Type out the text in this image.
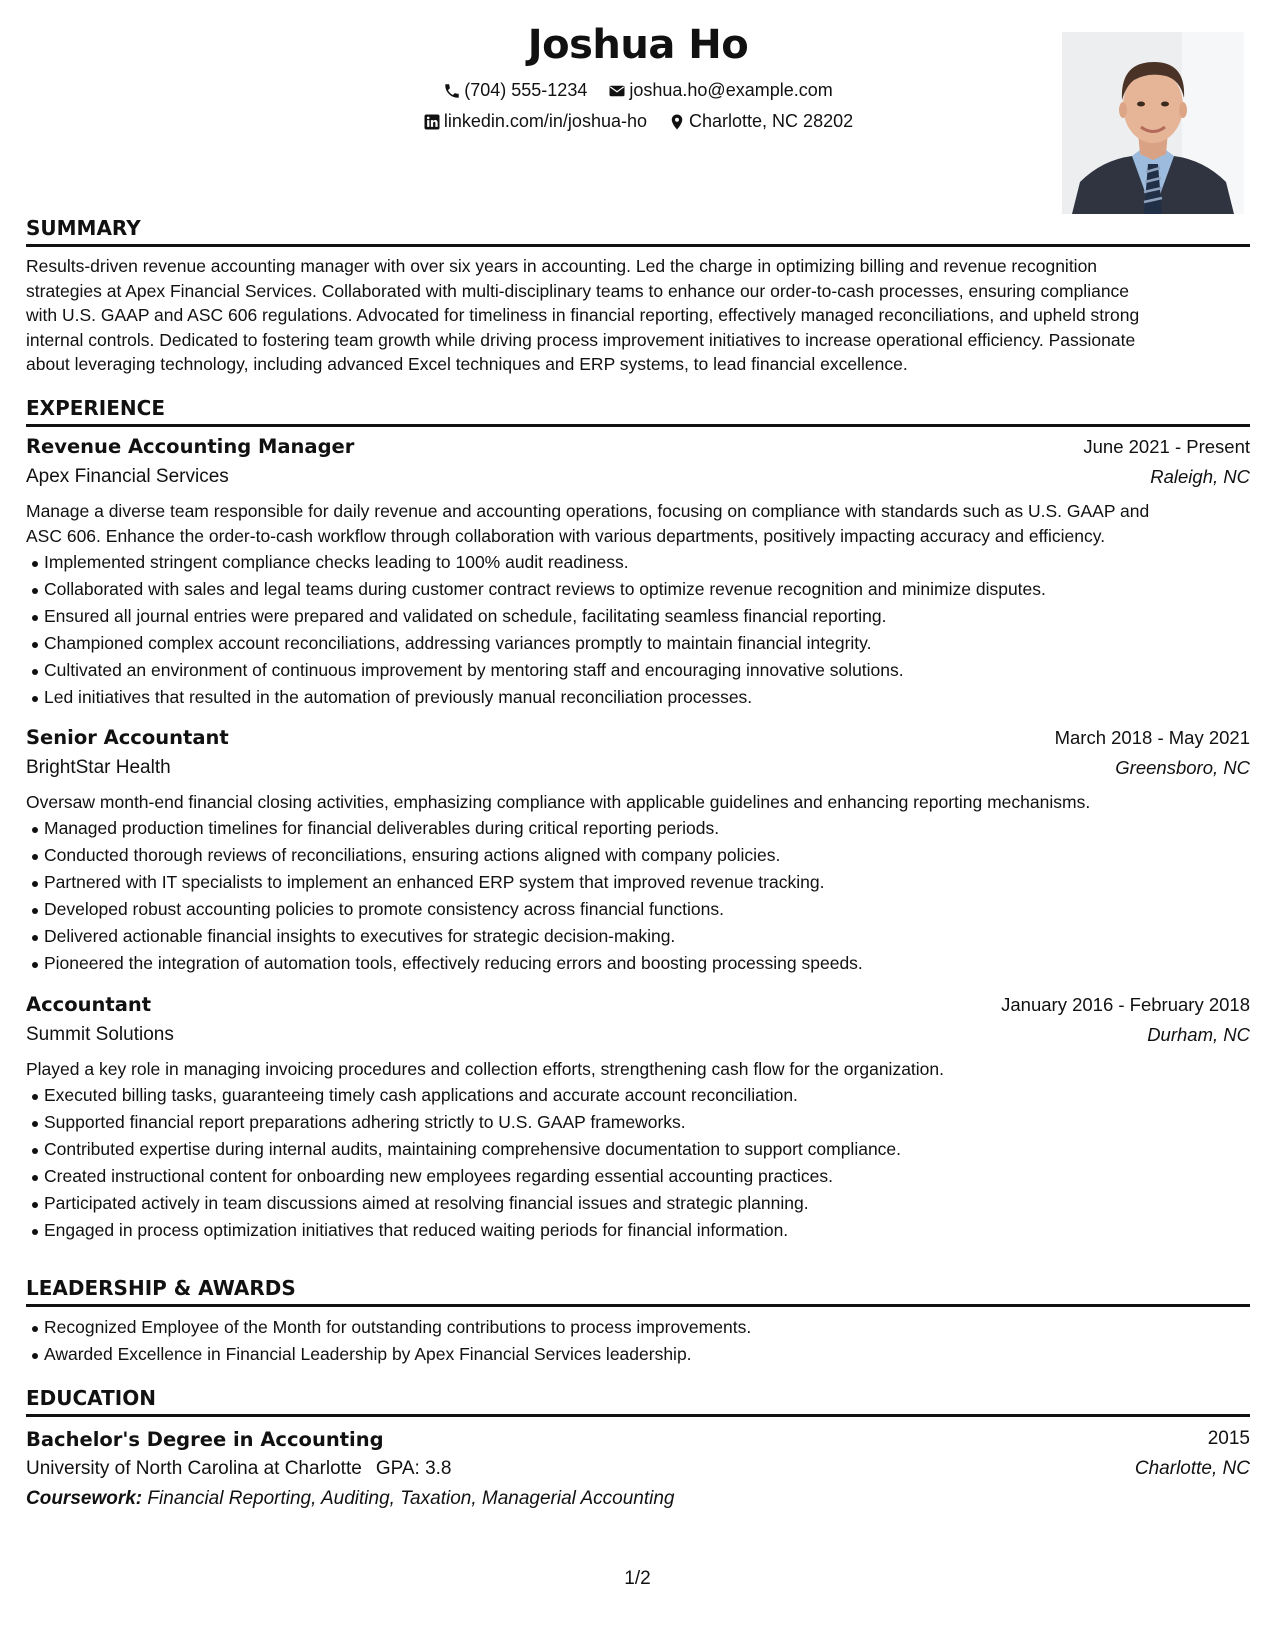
Joshua Ho
(704) 555-1234
joshua.ho@example.com
linkedin.com/in/joshua-ho
Charlotte, NC 28202
SUMMARY
Results-driven revenue accounting manager with over six years in accounting. Led the charge in optimizing billing and revenue recognition
strategies at Apex Financial Services. Collaborated with multi-disciplinary teams to enhance our order-to-cash processes, ensuring compliance
with U.S. GAAP and ASC 606 regulations. Advocated for timeliness in financial reporting, effectively managed reconciliations, and upheld strong
internal controls. Dedicated to fostering team growth while driving process improvement initiatives to increase operational efficiency. Passionate
about leveraging technology, including advanced Excel techniques and ERP systems, to lead financial excellence.
EXPERIENCE
Revenue Accounting Manager	June 2021 - Present
Apex Financial Services	Raleigh, NC
Manage a diverse team responsible for daily revenue and accounting operations, focusing on compliance with standards such as U.S. GAAP and
ASC 606. Enhance the order-to-cash workflow through collaboration with various departments, positively impacting accuracy and efficiency.
Implemented stringent compliance checks leading to 100% audit readiness.
Collaborated with sales and legal teams during customer contract reviews to optimize revenue recognition and minimize disputes.
Ensured all journal entries were prepared and validated on schedule, facilitating seamless financial reporting.
Championed complex account reconciliations, addressing variances promptly to maintain financial integrity.
Cultivated an environment of continuous improvement by mentoring staff and encouraging innovative solutions.
Led initiatives that resulted in the automation of previously manual reconciliation processes.
Senior Accountant	March 2018 - May 2021
BrightStar Health	Greensboro, NC
Oversaw month-end financial closing activities, emphasizing compliance with applicable guidelines and enhancing reporting mechanisms.
Managed production timelines for financial deliverables during critical reporting periods.
Conducted thorough reviews of reconciliations, ensuring actions aligned with company policies.
Partnered with IT specialists to implement an enhanced ERP system that improved revenue tracking.
Developed robust accounting policies to promote consistency across financial functions.
Delivered actionable financial insights to executives for strategic decision-making.
Pioneered the integration of automation tools, effectively reducing errors and boosting processing speeds.
Accountant	January 2016 - February 2018
Summit Solutions	Durham, NC
Played a key role in managing invoicing procedures and collection efforts, strengthening cash flow for the organization.
Executed billing tasks, guaranteeing timely cash applications and accurate account reconciliation.
Supported financial report preparations adhering strictly to U.S. GAAP frameworks.
Contributed expertise during internal audits, maintaining comprehensive documentation to support compliance.
Created instructional content for onboarding new employees regarding essential accounting practices.
Participated actively in team discussions aimed at resolving financial issues and strategic planning.
Engaged in process optimization initiatives that reduced waiting periods for financial information.
LEADERSHIP & AWARDS
Recognized Employee of the Month for outstanding contributions to process improvements.
Awarded Excellence in Financial Leadership by Apex Financial Services leadership.
EDUCATION
Bachelor's Degree in Accounting	2015
University of North Carolina at Charlotte GPA: 3.8	Charlotte, NC
Coursework: Financial Reporting, Auditing, Taxation, Managerial Accounting
1/2
